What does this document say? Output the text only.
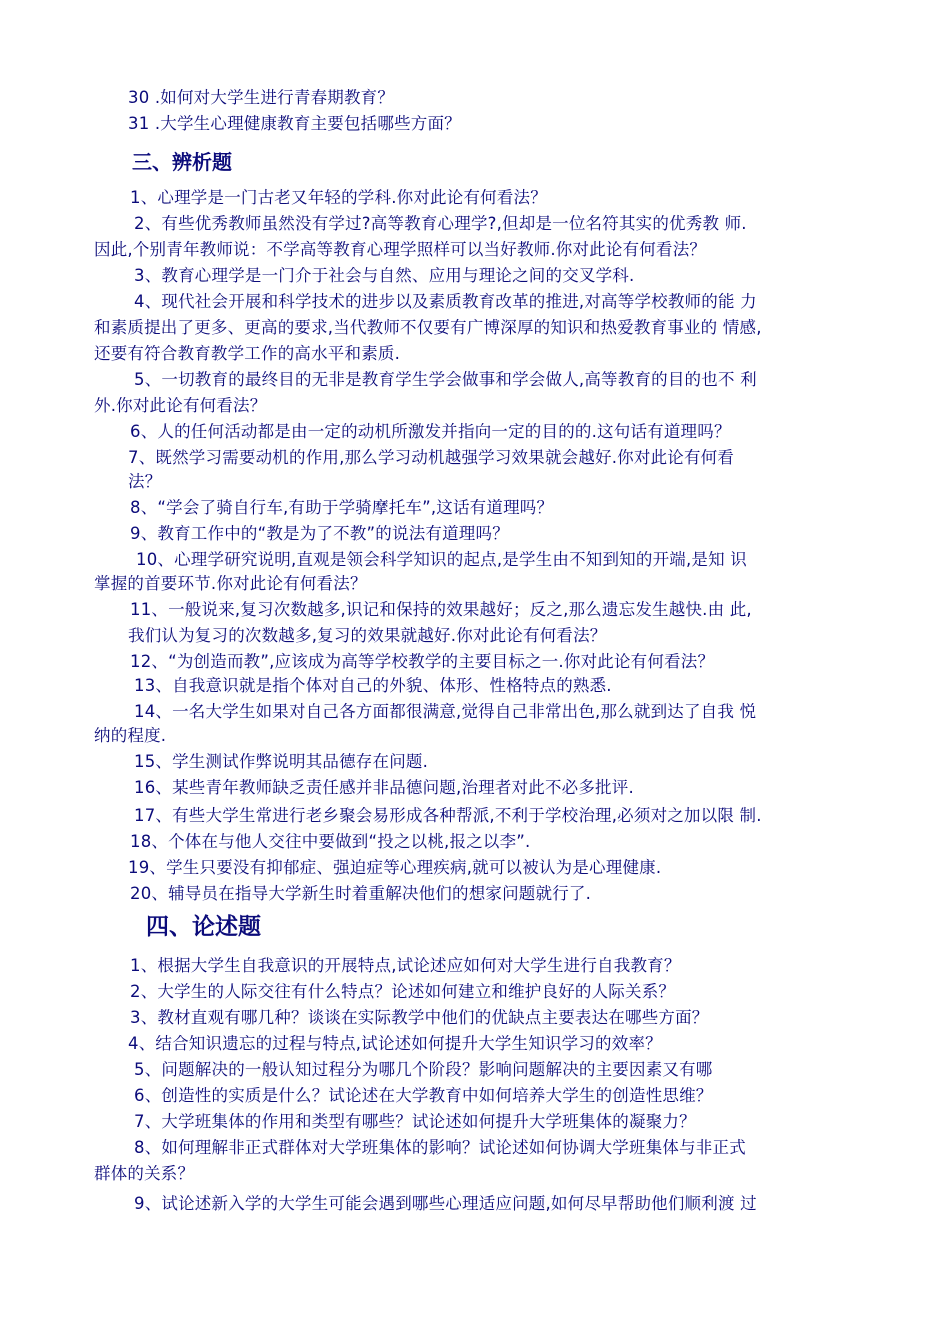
30 .如何对大学生进行青春期教育？
31 .大学生心理健康教育主要包括哪些方面？
三、辨析题
1、心理学是一门古老又年轻的学科.你对此论有何看法？
2、有些优秀教师虽然没有学过?高等教育心理学?,但却是一位名符其实的优秀教 师.
因此,个别青年教师说：不学高等教育心理学照样可以当好教师.你对此论有何看法？
3、教育心理学是一门介于社会与自然、应用与理论之间的交叉学科.
4、现代社会开展和科学技术的进步以及素质教育改革的推进,对高等学校教师的能 力
和素质提出了更多、更高的要求,当代教师不仅要有广博深厚的知识和热爱教育事业的 情感,
还要有符合教育教学工作的高水平和素质.
5、一切教育的最终目的无非是教育学生学会做事和学会做人,高等教育的目的也不 利
外.你对此论有何看法？
6、人的任何活动都是由一定的动机所激发并指向一定的目的的.这句话有道理吗？
7、既然学习需要动机的作用,那么学习动机越强学习效果就会越好.你对此论有何看
法？
8、“学会了骑自行车,有助于学骑摩托车”,这话有道理吗？
9、教育工作中的“教是为了不教”的说法有道理吗？
10、心理学研究说明,直观是领会科学知识的起点,是学生由不知到知的开端,是知 识
掌握的首要环节.你对此论有何看法？
11、一般说来,复习次数越多,识记和保持的效果越好；反之,那么遗忘发生越快.由 此,
我们认为复习的次数越多,复习的效果就越好.你对此论有何看法？
12、“为创造而教”,应该成为高等学校教学的主要目标之一.你对此论有何看法？
13、自我意识就是指个体对自己的外貌、体形、性格特点的熟悉.
14、一名大学生如果对自己各方面都很满意,觉得自己非常出色,那么就到达了自我 悦
纳的程度.
15、学生测试作弊说明其品德存在问题.
16、某些青年教师缺乏责任感并非品德问题,治理者对此不必多批评.
17、有些大学生常进行老乡聚会易形成各种帮派,不利于学校治理,必须对之加以限 制.
18、个体在与他人交往中要做到“投之以桃,报之以李”.
19、学生只要没有抑郁症、强迫症等心理疾病,就可以被认为是心理健康.
20、辅导员在指导大学新生时着重解决他们的想家问题就行了.
四、论述题
1、根据大学生自我意识的开展特点,试论述应如何对大学生进行自我教育？
2、大学生的人际交往有什么特点？论述如何建立和维护良好的人际关系？
3、教材直观有哪几种？谈谈在实际教学中他们的优缺点主要表达在哪些方面？
4、结合知识遗忘的过程与特点,试论述如何提升大学生知识学习的效率？
5、问题解决的一般认知过程分为哪几个阶段？影响问题解决的主要因素又有哪
6、创造性的实质是什么？试论述在大学教育中如何培养大学生的创造性思维？
7、大学班集体的作用和类型有哪些？试论述如何提升大学班集体的凝聚力？
8、如何理解非正式群体对大学班集体的影响？试论述如何协调大学班集体与非正式
群体的关系？
9、试论述新入学的大学生可能会遇到哪些心理适应问题,如何尽早帮助他们顺利渡 过
